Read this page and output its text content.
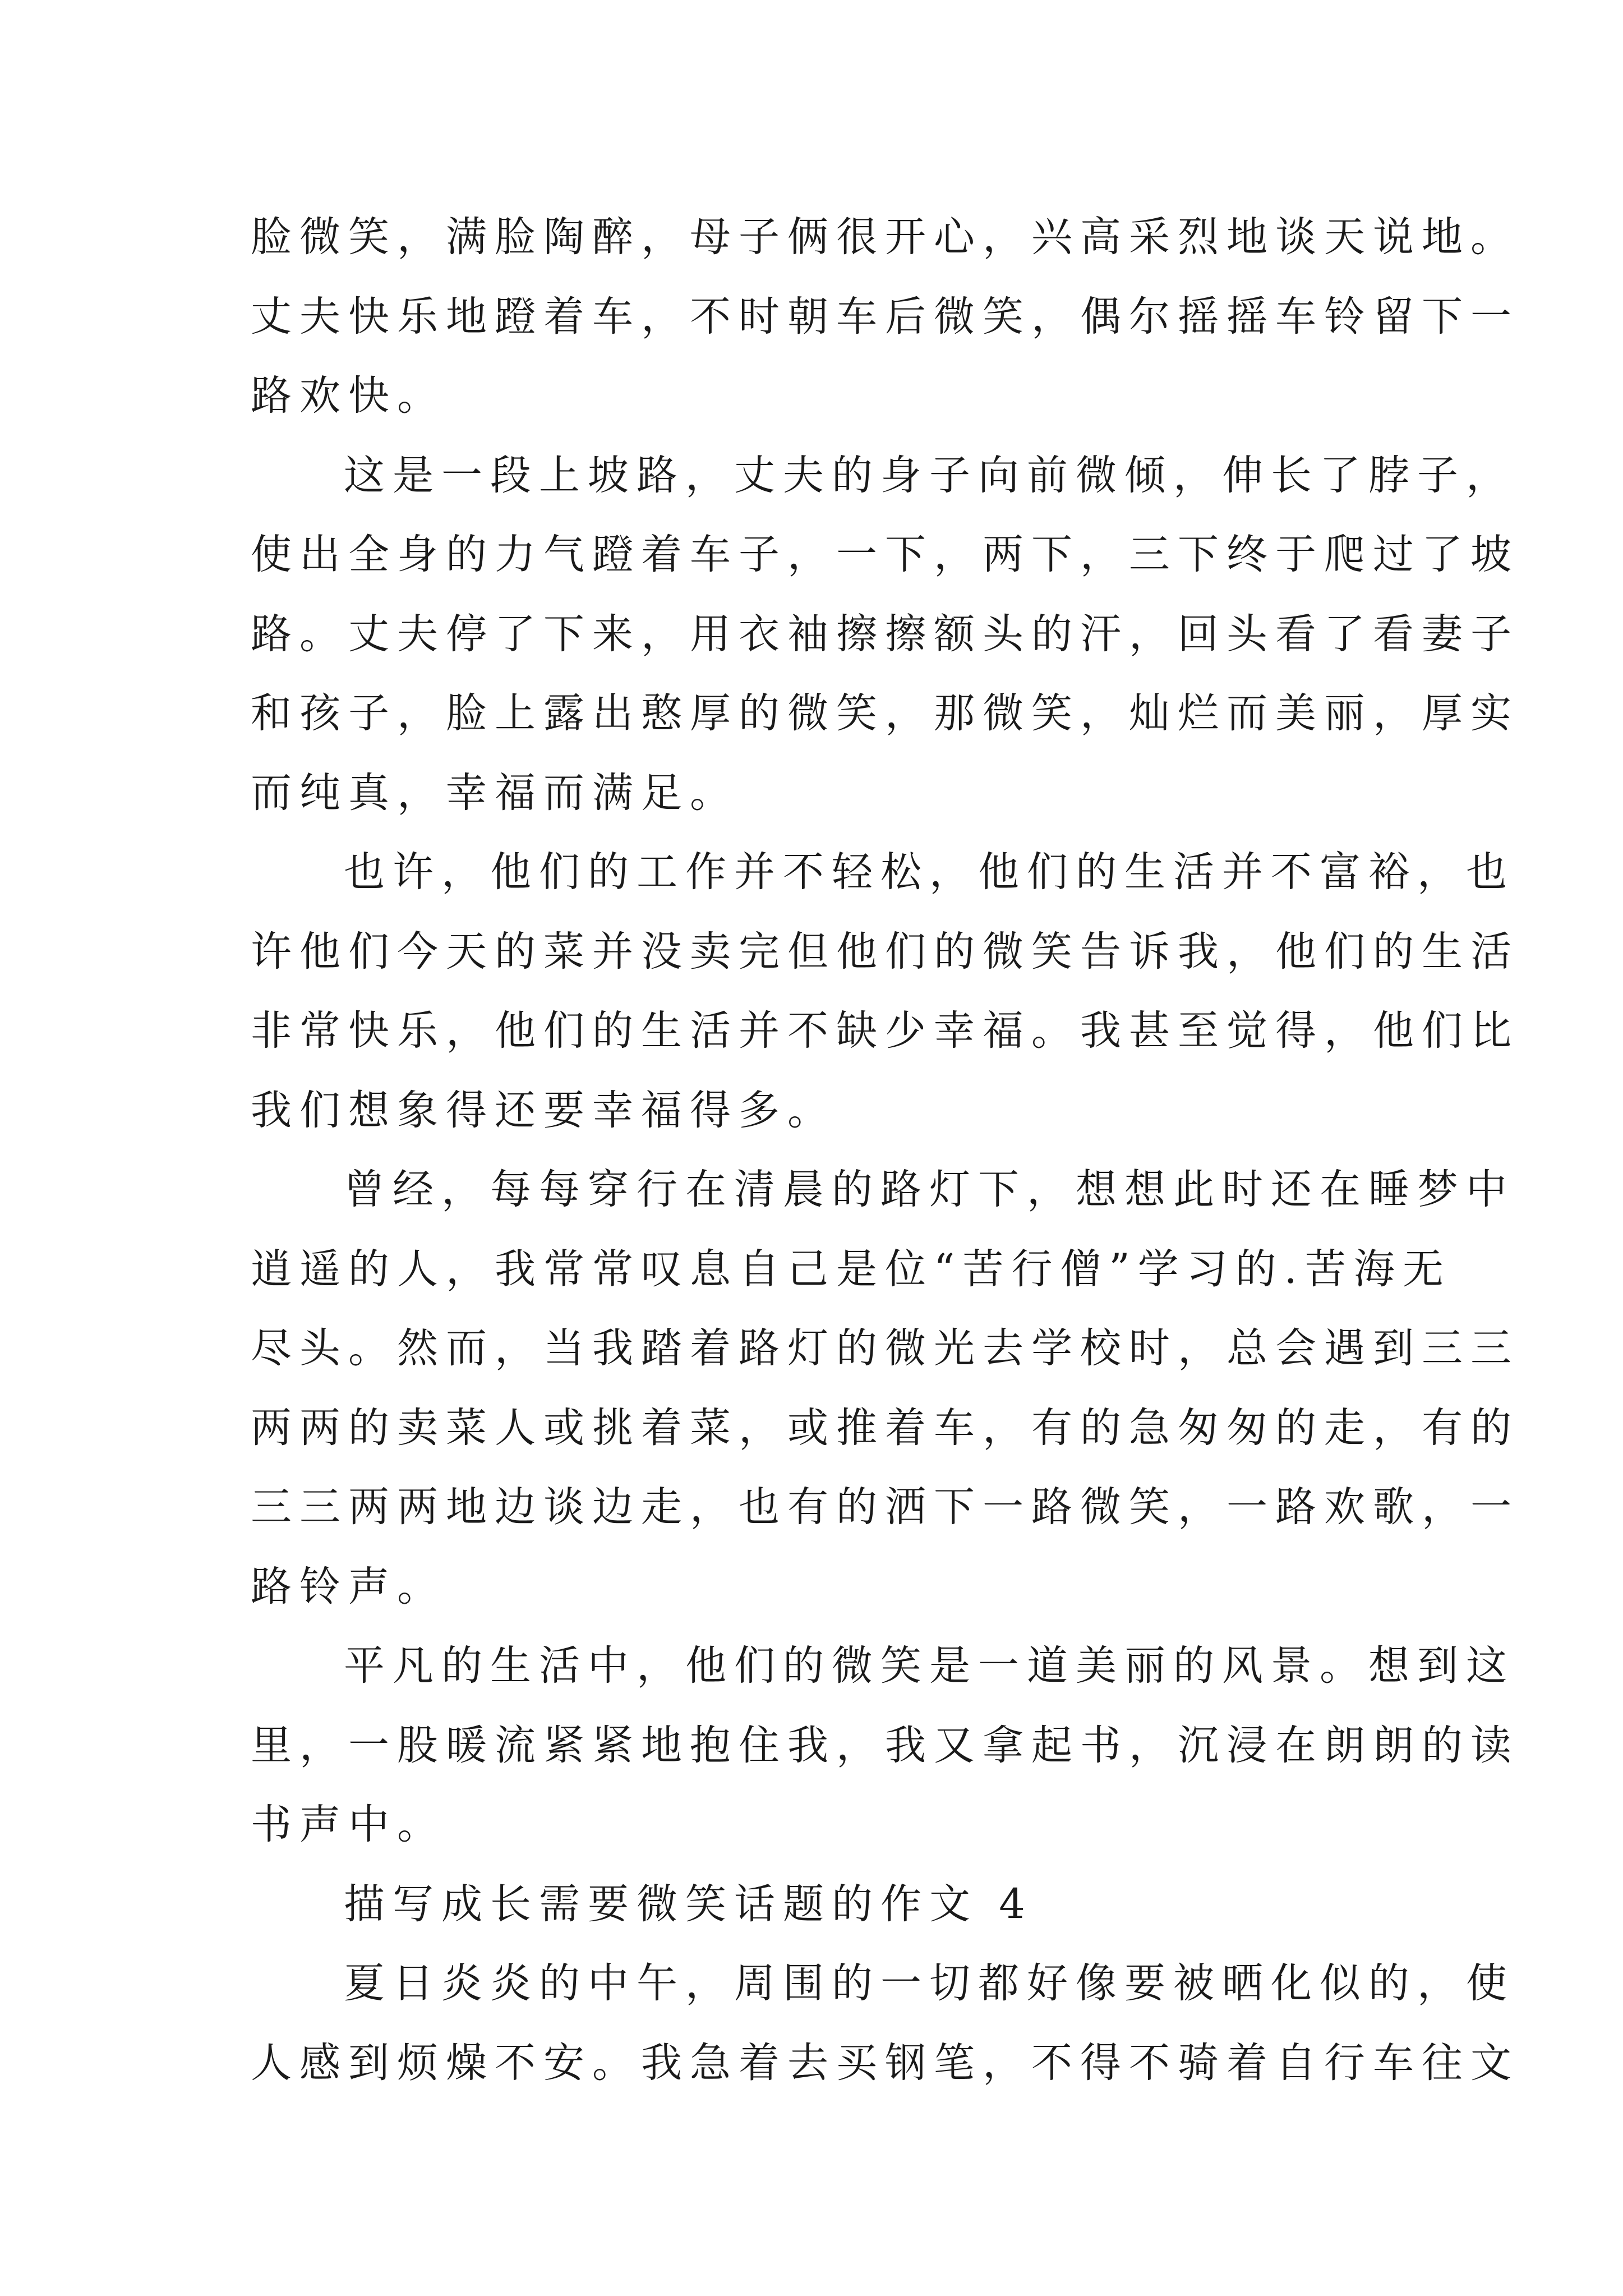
脸微笑，满脸陶醉，母子俩很开心，兴高采烈地谈天说地。
丈夫快乐地蹬着车，不时朝车后微笑，偶尔摇摇车铃留下一
路欢快。
这是一段上坡路，丈夫的身子向前微倾，伸长了脖子，
使出全身的力气蹬着车子，一下，两下，三下终于爬过了坡
路。丈夫停了下来，用衣袖擦擦额头的汗，回头看了看妻子
和孩子，脸上露出憨厚的微笑，那微笑，灿烂而美丽，厚实
而纯真，幸福而满足。
也许，他们的工作并不轻松，他们的生活并不富裕，也
许他们今天的菜并没卖完但他们的微笑告诉我，他们的生活
非常快乐，他们的生活并不缺少幸福。我甚至觉得，他们比
我们想象得还要幸福得多。
曾经，每每穿行在清晨的路灯下，想想此时还在睡梦中
逍遥的人，我常常叹息自己是位“苦行僧”学习的.苦海无
尽头。然而，当我踏着路灯的微光去学校时，总会遇到三三
两两的卖菜人或挑着菜，或推着车，有的急匆匆的走，有的
三三两两地边谈边走，也有的洒下一路微笑，一路欢歌，一
路铃声。
平凡的生活中，他们的微笑是一道美丽的风景。想到这
里，一股暖流紧紧地抱住我，我又拿起书，沉浸在朗朗的读
书声中。
描写成长需要微笑话题的作文 4
夏日炎炎的中午，周围的一切都好像要被晒化似的，使
人感到烦燥不安。我急着去买钢笔，不得不骑着自行车往文
